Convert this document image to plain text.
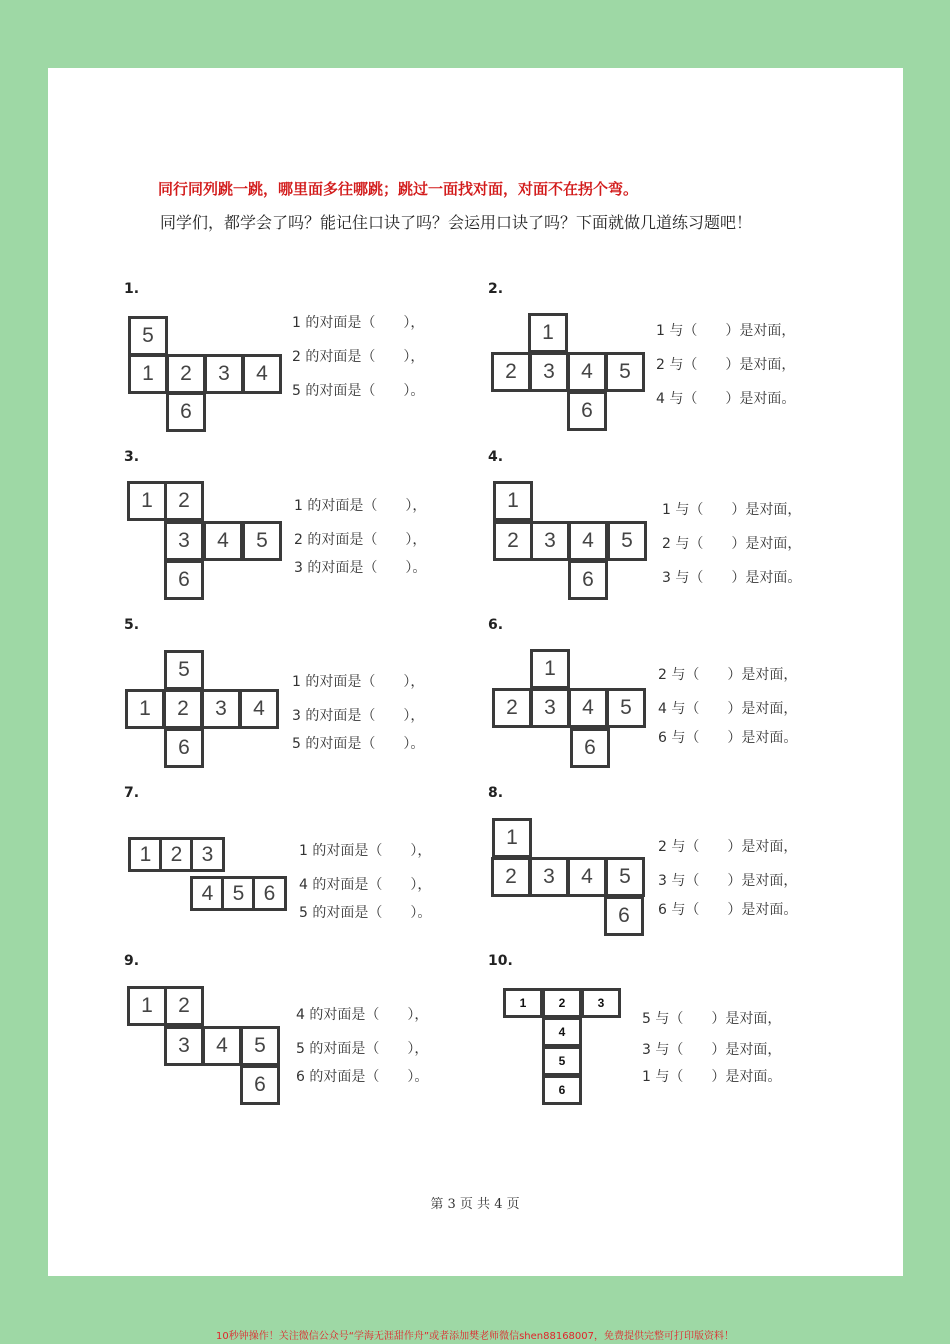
同行同列跳一跳，哪里面多往哪跳；跳过一面找对面，对面不在拐个弯。
同学们，都学会了吗？能记住口诀了吗？会运用口诀了吗？下面就做几道练习题吧！
1.
5
1	2	3	4
6
1 的对面是（　　），
2 的对面是（　　），
5 的对面是（　　）。
2.
1
2	3	4	5
6
1 与（　　）是对面，
2 与（　　）是对面，
4 与（　　）是对面。
3.
1	2
3	4	5
6
1 的对面是（　　），
2 的对面是（　　），
3 的对面是（　　）。
4.
1
2	3	4	5
6
1 与（　　）是对面，
2 与（　　）是对面，
3 与（　　）是对面。
5.
5
1	2	3	4
6
1 的对面是（　　），
3 的对面是（　　），
5 的对面是（　　）。
6.
1
2	3	4	5
6
2 与（　　）是对面，
4 与（　　）是对面，
6 与（　　）是对面。
7.
1 2 3
4 5 6
1 的对面是（　　），
4 的对面是（　　），
5 的对面是（　　）。
8.
1
2	3	4	5
6
2 与（　　）是对面，
3 与（　　）是对面，
6 与（　　）是对面。
9.
1	2
3	4	5
6
4 的对面是（　　），
5 的对面是（　　），
6 的对面是（　　）。
10.
1	2	3
4
5
6
5 与（　　）是对面，
3 与（　　）是对面，
1 与（　　）是对面。
第 3 页 共 4 页
10秒钟操作！关注微信公众号“学海无涯甜作舟”或者添加樊老师微信shen88168007，免费提供完整可打印版资料！
